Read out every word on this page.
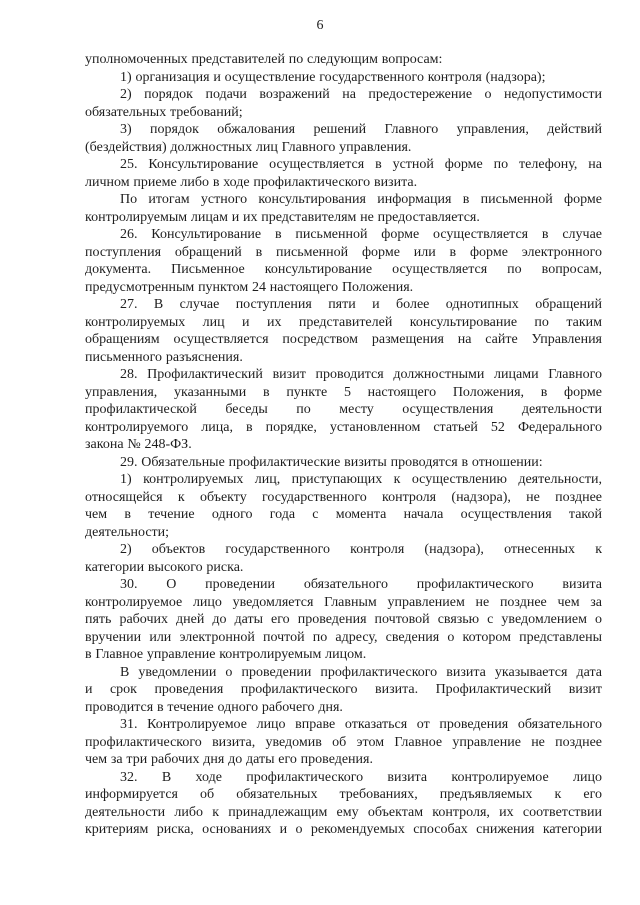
6
уполномоченных представителей по следующим вопросам:
1) организация и осуществление государственного контроля (надзора);
2) порядок подачи возражений на предостережение о недопустимости
обязательных требований;
3) порядок обжалования решений Главного управления, действий
(бездействия) должностных лиц Главного управления.
25. Консультирование осуществляется в устной форме по телефону, на
личном приеме либо в ходе профилактического визита.
По итогам устного консультирования информация в письменной форме
контролируемым лицам и их представителям не предоставляется.
26. Консультирование в письменной форме осуществляется в случае
поступления обращений в письменной форме или в форме электронного
документа. Письменное консультирование осуществляется по вопросам,
предусмотренным пунктом 24 настоящего Положения.
27. В случае поступления пяти и более однотипных обращений
контролируемых лиц и их представителей консультирование по таким
обращениям осуществляется посредством размещения на сайте Управления
письменного разъяснения.
28. Профилактический визит проводится должностными лицами Главного
управления, указанными в пункте 5 настоящего Положения, в форме
профилактической беседы по месту осуществления деятельности
контролируемого лица, в порядке, установленном статьей 52 Федерального
закона № 248-ФЗ.
29. Обязательные профилактические визиты проводятся в отношении:
1) контролируемых лиц, приступающих к осуществлению деятельности,
относящейся к объекту государственного контроля (надзора), не позднее
чем в течение одного года с момента начала осуществления такой
деятельности;
2) объектов государственного контроля (надзора), отнесенных к
категории высокого риска.
30. О проведении обязательного профилактического визита
контролируемое лицо уведомляется Главным управлением не позднее чем за
пять рабочих дней до даты его проведения почтовой связью с уведомлением о
вручении или электронной почтой по адресу, сведения о котором представлены
в Главное управление контролируемым лицом.
В уведомлении о проведении профилактического визита указывается дата
и срок проведения профилактического визита. Профилактический визит
проводится в течение одного рабочего дня.
31. Контролируемое лицо вправе отказаться от проведения обязательного
профилактического визита, уведомив об этом Главное управление не позднее
чем за три рабочих дня до даты его проведения.
32. В ходе профилактического визита контролируемое лицо
информируется об обязательных требованиях, предъявляемых к его
деятельности либо к принадлежащим ему объектам контроля, их соответствии
критериям риска, основаниях и о рекомендуемых способах снижения категории
